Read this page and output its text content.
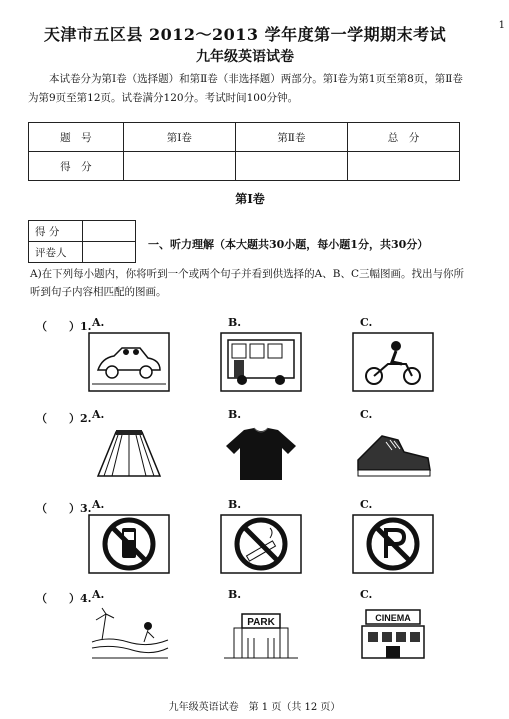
1
天津市五区县 2012～2013 学年度第一学期期末考试
九年级英语试卷
本试卷分为第Ⅰ卷（选择题）和第Ⅱ卷（非选择题）两部分。第Ⅰ卷为第1页至第8页，第Ⅱ卷为第9页至第12页。试卷满分120分。考试时间100分钟。
题　号	第Ⅰ卷	第Ⅱ卷	总　分
得　分			
第Ⅰ卷
得 分	
评卷人	
一、听力理解（本大题共30小题，每小题1分，共30分）
A)在下列每小题内，你将听到一个或两个句子并看到供选择的A、B、C三幅图画。找出与你所听到句子内容相匹配的图画。
（　　）1. A.	B.	C.
（　　）2. A.	B.	C.
（　　）3. A.	B.	C.
（　　）4. A.	B.	C.
PARK	CINEMA
九年级英语试卷　第 1 页（共 12 页）
